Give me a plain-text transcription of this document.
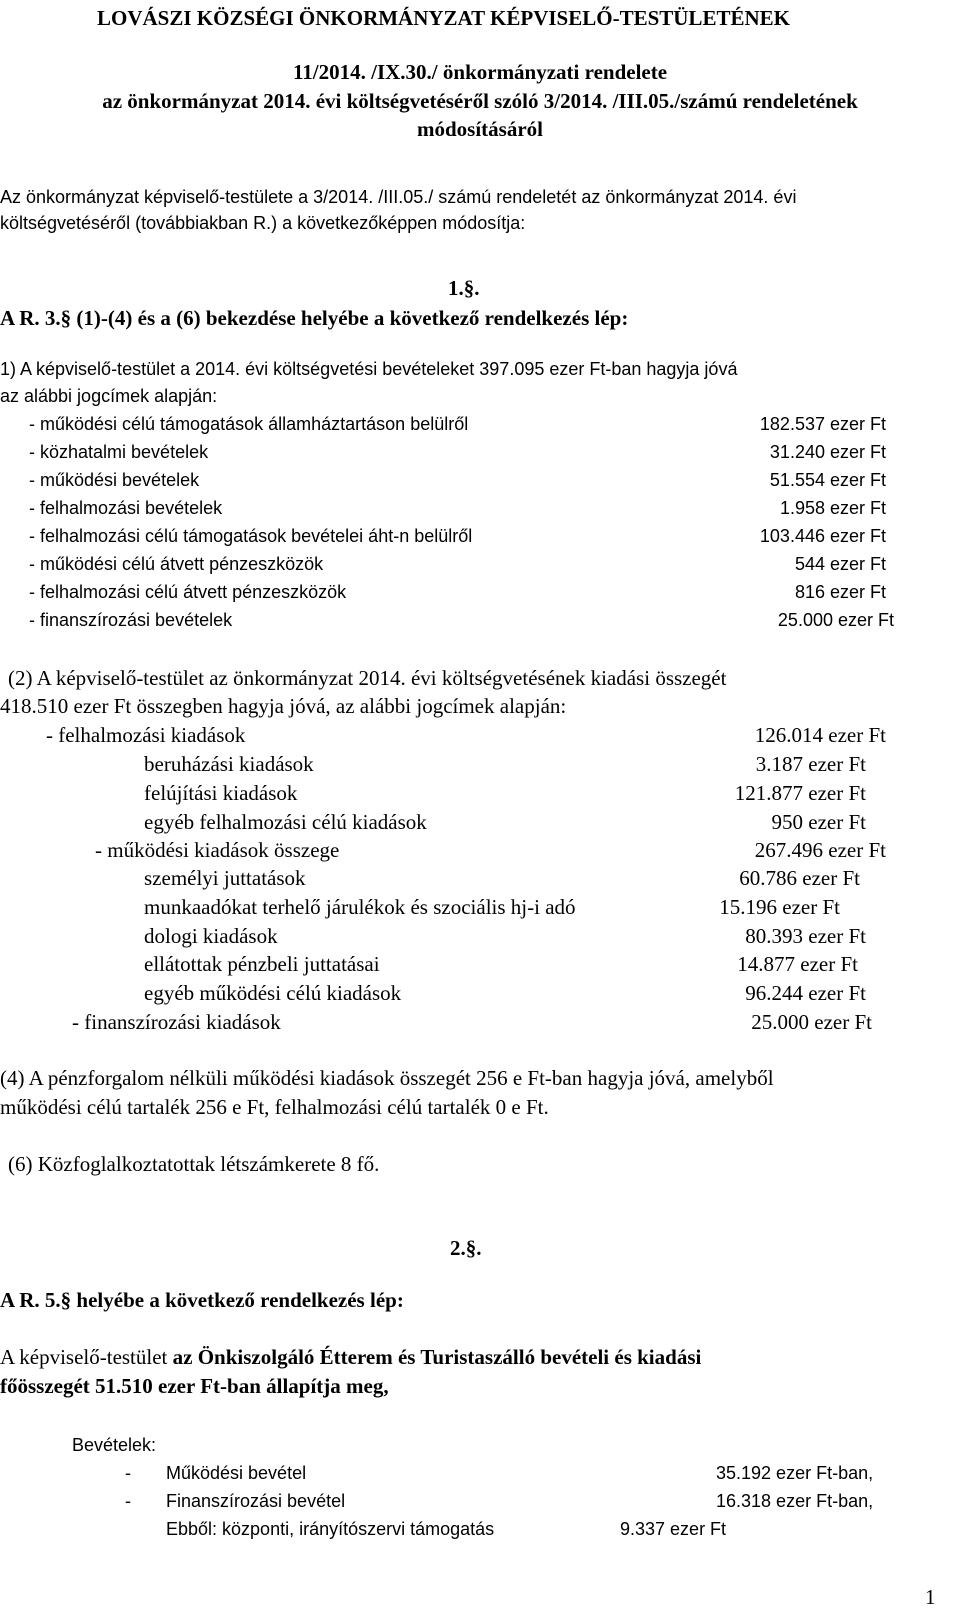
LOVÁSZI KÖZSÉGI ÖNKORMÁNYZAT KÉPVISELŐ-TESTÜLETÉNEK
11/2014. /IX.30./ önkormányzati rendelete
az önkormányzat 2014. évi költségvetéséről szóló 3/2014. /III.05./számú rendeletének
módosításáról
Az önkormányzat képviselő-testülete a 3/2014. /III.05./ számú rendeletét az önkormányzat 2014. évi
költségvetéséről (továbbiakban R.) a következőképpen módosítja:
1.§.
A R. 3.§ (1)-(4) és a (6) bekezdése helyébe a következő rendelkezés lép:
1) A képviselő-testület a 2014. évi költségvetési bevételeket 397.095 ezer Ft-ban hagyja jóvá
az alábbi jogcímek alapján:
- működési célú támogatások államháztartáson belülről	182.537 ezer Ft
- közhatalmi bevételek	31.240 ezer Ft
- működési bevételek	51.554 ezer Ft
- felhalmozási bevételek	1.958 ezer Ft
- felhalmozási célú támogatások bevételei áht-n belülről	103.446 ezer Ft
- működési célú átvett pénzeszközök	544 ezer Ft
- felhalmozási célú átvett pénzeszközök	816 ezer Ft
- finanszírozási bevételek	25.000 ezer Ft
(2) A képviselő-testület az önkormányzat 2014. évi költségvetésének kiadási összegét
418.510 ezer Ft összegben hagyja jóvá, az alábbi jogcímek alapján:
- felhalmozási kiadások	126.014 ezer Ft
beruházási kiadások	3.187 ezer Ft
felújítási kiadások	121.877 ezer Ft
egyéb felhalmozási célú kiadások	950 ezer Ft
- működési kiadások összege	267.496 ezer Ft
személyi juttatások	60.786 ezer Ft
munkaadókat terhelő járulékok és szociális hj-i adó	15.196 ezer Ft
dologi kiadások	80.393 ezer Ft
ellátottak pénzbeli juttatásai	14.877 ezer Ft
egyéb működési célú kiadások	96.244 ezer Ft
- finanszírozási kiadások	25.000 ezer Ft
(4) A pénzforgalom nélküli működési kiadások összegét 256 e Ft-ban hagyja jóvá, amelyből
működési célú tartalék 256 e Ft, felhalmozási célú tartalék 0 e Ft.
(6) Közfoglalkoztatottak létszámkerete 8 fő.
2.§.
A R. 5.§ helyébe a következő rendelkezés lép:
A képviselő-testület az Önkiszolgáló Étterem és Turistaszálló bevételi és kiadási
főösszegét 51.510 ezer Ft-ban állapítja meg,
Bevételek:
- Működési bevétel	35.192 ezer Ft-ban,
- Finanszírozási bevétel	16.318 ezer Ft-ban,
Ebből: központi, irányítószervi támogatás	9.337 ezer Ft
1
